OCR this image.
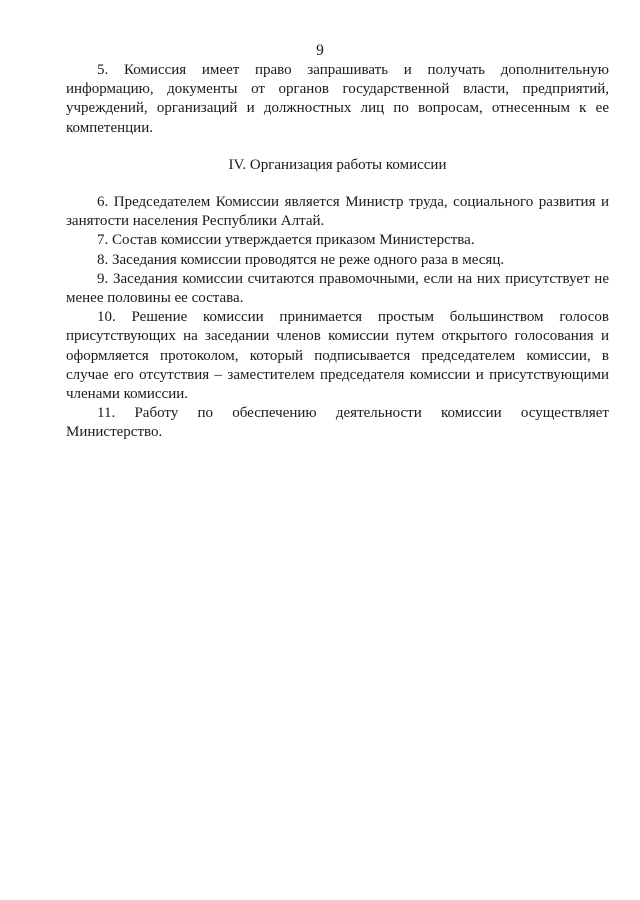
9

5. Комиссия имеет право запрашивать и получать дополнительную информацию, документы от органов государственной власти, предприятий, учреждений, организаций и должностных лиц по вопросам, отнесенным к ее компетенции.

IV. Организация работы комиссии

6. Председателем Комиссии является Министр труда, социального развития и занятости населения Республики Алтай.

7. Состав комиссии утверждается приказом Министерства.

8. Заседания комиссии проводятся не реже одного раза в месяц.

9. Заседания комиссии считаются правомочными, если на них присутствует не менее половины ее состава.

10. Решение комиссии принимается простым большинством голосов присутствующих на заседании членов комиссии путем открытого голосования и оформляется протоколом, который подписывается председателем комиссии, в случае его отсутствия – заместителем председателя комиссии и присутствующими членами комиссии.

11. Работу по обеспечению деятельности комиссии осуществляет Министерство.
